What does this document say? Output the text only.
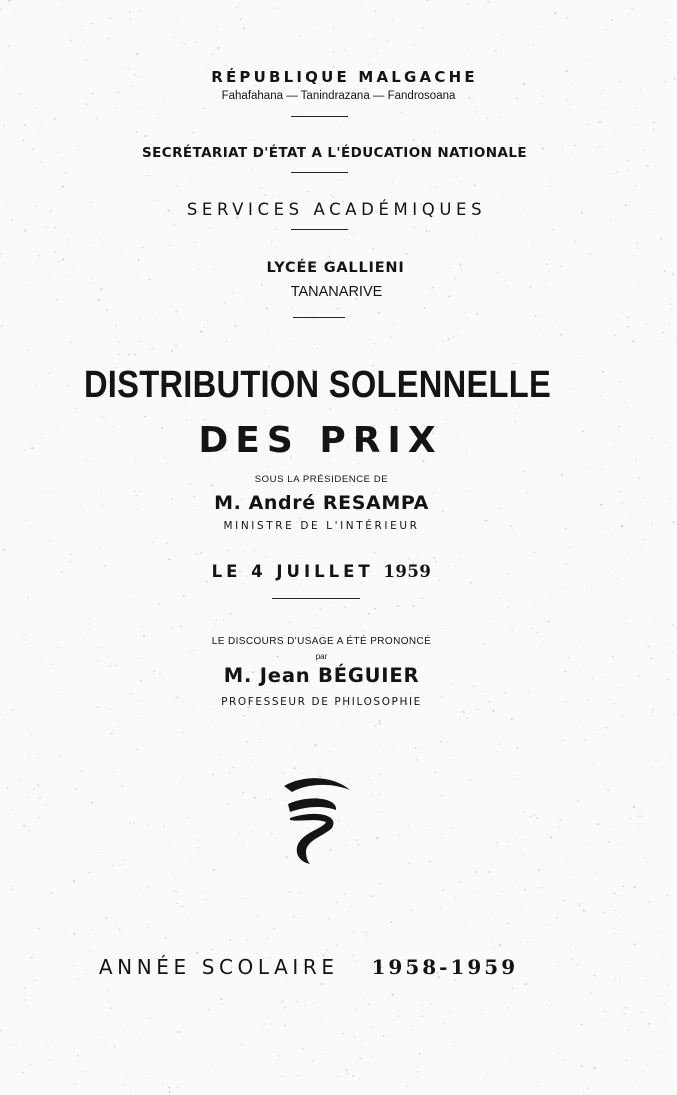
RÉPUBLIQUE MALGACHE

Fahafahana — Tanindrazana — Fandrosoana

SECRÉTARIAT D'ÉTAT A L'ÉDUCATION NATIONALE

SERVICES ACADÉMIQUES

LYCÉE GALLIENI

TANANARIVE

DISTRIBUTION SOLENNELLE

DES PRIX

SOUS LA PRÉSIDENCE DE

M. André RESAMPA

MINISTRE DE L'INTÉRIEUR

LE 4 JUILLET 1959

LE DISCOURS D'USAGE A ÉTÉ PRONONCÉ

par

M. Jean BÉGUIER

PROFESSEUR DE PHILOSOPHIE

ANNÉE SCOLAIRE 1958-1959
